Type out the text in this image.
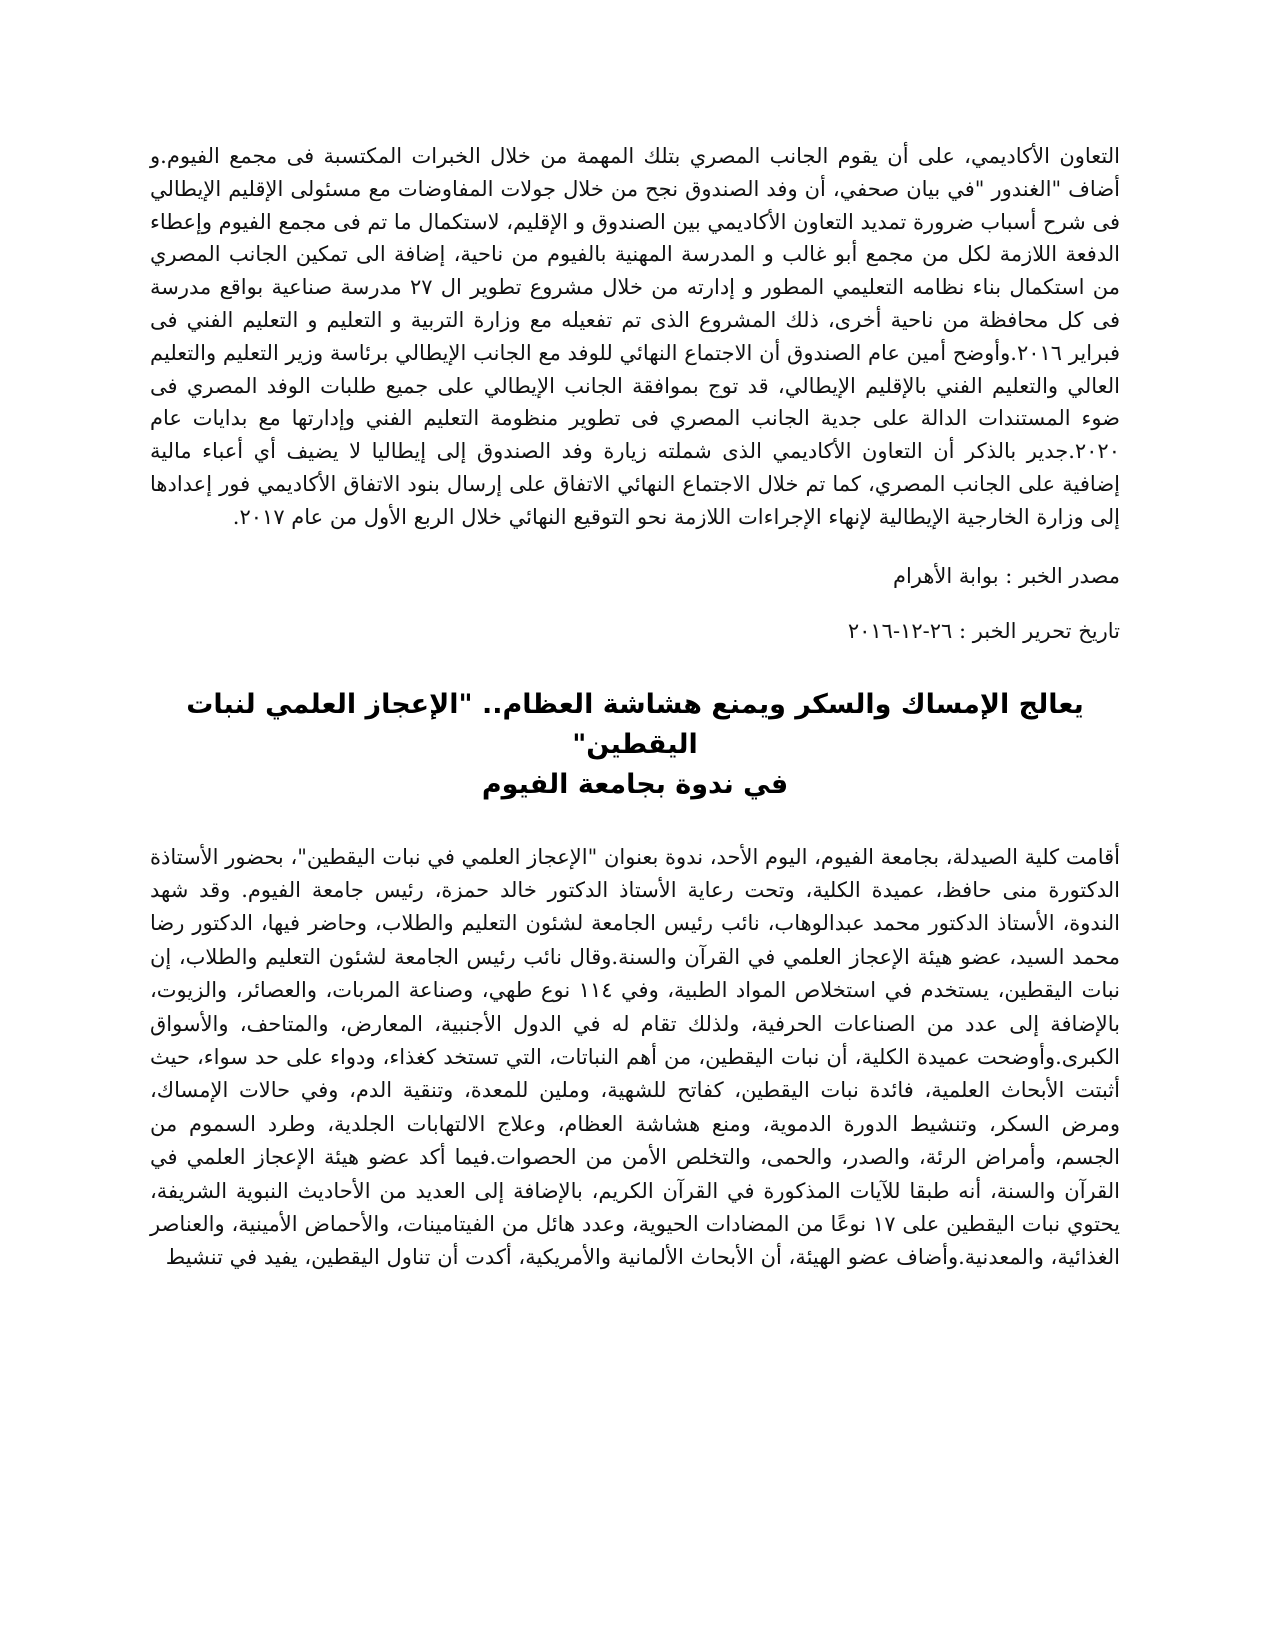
التعاون الأكاديمي، على أن يقوم الجانب المصري بتلك المهمة من خلال الخبرات المكتسبة فى مجمع الفيوم.و أضاف "الغندور "في بيان صحفي، أن وفد الصندوق نجح من خلال جولات المفاوضات مع مسئولى الإقليم الإيطالي فى شرح أسباب ضرورة تمديد التعاون الأكاديمي بين الصندوق و الإقليم، لاستكمال ما تم فى مجمع الفيوم وإعطاء الدفعة اللازمة لكل من مجمع أبو غالب و المدرسة المهنية بالفيوم من ناحية، إضافة الى تمكين الجانب المصري من استكمال بناء نظامه التعليمي المطور و إدارته من خلال مشروع تطوير ال ٢٧ مدرسة صناعية بواقع مدرسة فى كل محافظة من ناحية أخرى، ذلك المشروع الذى تم تفعيله مع وزارة التربية و التعليم و التعليم الفني فى فبراير ٢٠١٦.وأوضح أمين عام الصندوق أن الاجتماع النهائي للوفد مع الجانب الإيطالي برئاسة وزير التعليم والتعليم العالي والتعليم الفني بالإقليم الإيطالي، قد توج بموافقة الجانب الإيطالي على جميع طلبات الوفد المصري فى ضوء المستندات الدالة على جدية الجانب المصري فى تطوير منظومة التعليم الفني وإدارتها مع بدايات عام ٢٠٢٠.جدير بالذكر أن التعاون الأكاديمي الذى شملته زيارة وفد الصندوق إلى إيطاليا لا يضيف أي أعباء مالية إضافية على الجانب المصري، كما تم خلال الاجتماع النهائي الاتفاق على إرسال بنود الاتفاق الأكاديمي فور إعدادها إلى وزارة الخارجية الإيطالية لإنهاء الإجراءات اللازمة نحو التوقيع النهائي خلال الربع الأول من عام ٢٠١٧.

مصدر الخبر : بوابة الأهرام

تاريخ تحرير الخبر : ٢٦-١٢-٢٠١٦

يعالج الإمساك والسكر ويمنع هشاشة العظام.. "الإعجاز العلمي لنبات اليقطين"
في ندوة بجامعة الفيوم

أقامت كلية الصيدلة، بجامعة الفيوم، اليوم الأحد، ندوة بعنوان "الإعجاز العلمي في نبات اليقطين"، بحضور الأستاذة الدكتورة منى حافظ، عميدة الكلية، وتحت رعاية الأستاذ الدكتور خالد حمزة، رئيس جامعة الفيوم. وقد شهد الندوة، الأستاذ الدكتور محمد عبدالوهاب، نائب رئيس الجامعة لشئون التعليم والطلاب، وحاضر فيها، الدكتور رضا محمد السيد، عضو هيئة الإعجاز العلمي في القرآن والسنة.وقال نائب رئيس الجامعة لشئون التعليم والطلاب، إن نبات اليقطين، يستخدم في استخلاص المواد الطبية، وفي ١١٤ نوع طهي، وصناعة المربات، والعصائر، والزيوت، بالإضافة إلى عدد من الصناعات الحرفية، ولذلك تقام له في الدول الأجنبية، المعارض، والمتاحف، والأسواق الكبرى.وأوضحت عميدة الكلية، أن نبات اليقطين، من أهم النباتات، التي تستخد كغذاء، ودواء على حد سواء، حيث أثبتت الأبحاث العلمية، فائدة نبات اليقطين، كفاتح للشهية، وملين للمعدة، وتنقية الدم، وفي حالات الإمساك، ومرض السكر، وتنشيط الدورة الدموية، ومنع هشاشة العظام، وعلاج الالتهابات الجلدية، وطرد السموم من الجسم، وأمراض الرئة، والصدر، والحمى، والتخلص الأمن من الحصوات.فيما أكد عضو هيئة الإعجاز العلمي في القرآن والسنة، أنه طبقا للآيات المذكورة في القرآن الكريم، بالإضافة إلى العديد من الأحاديث النبوية الشريفة، يحتوي نبات اليقطين على ١٧ نوعًا من المضادات الحيوية، وعدد هائل من الفيتامينات، والأحماض الأمينية، والعناصر الغذائية، والمعدنية.وأضاف عضو الهيئة، أن الأبحاث الألمانية والأمريكية، أكدت أن تناول اليقطين، يفيد في تنشيط
